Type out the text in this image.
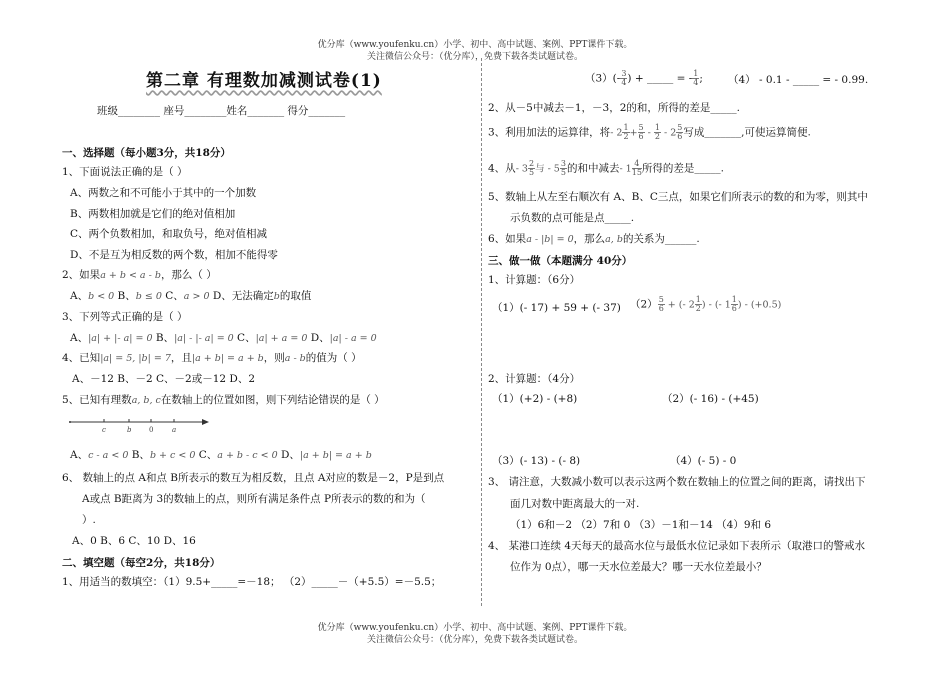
优分库（www.youfenku.cn）小学、初中、高中试题、案例、PPT课件下载。
关注微信公众号：（优分库），免费下载各类试题试卷。
第二章 有理数加减测试卷(1)
班级________ 座号________姓名_______ 得分_______
一、选择题（每小题3分，共18分）
1、下面说法正确的是（ ）
A、两数之和不可能小于其中的一个加数
B、两数相加就是它们的绝对值相加
C、两个负数相加，和取负号，绝对值相减
D、不是互为相反数的两个数，相加不能得零
2、如果a + b < a - b，那么（ ）
A、b < 0 B、b ≤ 0 C、a > 0 D、无法确定b的取值
3、下列等式正确的是（ ）
A、|a| + |- a| = 0 B、|a| - |- a| = 0 C、|a| + a = 0 D、|a| - a = 0
4、已知|a| = 5, |b| = 7，且|a + b| = a + b，则a - b的值为（ ）
A、－12 B、－2 C、－2或－12 D、2
5、已知有理数a, b, c在数轴上的位置如图，则下列结论错误的是（ ）
c	b	0	a
A、c - a < 0 B、b + c < 0 C、a + b - c < 0 D、|a + b| = a + b
6、 数轴上的点 A和点 B所表示的数互为相反数，且点 A对应的数是－2，P是到点
A或点 B距离为 3的数轴上的点，则所有满足条件点 P所表示的数的和为（
）.
A、0 B、6 C、10 D、16
二、填空题（每空2分，共18分）
1、用适当的数填空：（1）9.5+_____=－18； （2）_____－（+5.5）=－5.5；
$(3)(- \frac{3}{4}$ ) + _____ = - $\frac{1}{4}$ ; （4） - 0.1 - _____ = - 0.99.
2、从－5中减去－1，－3，2的和，所得的差是_____.
3、利用加法的运算律，将- $2 \frac{1}{2} + \frac{5}{6} - \frac{1}{2} - 2 \frac{5}{6}$ 写成_______,可使运算简便.
4、从- $3 \frac{2}{5}$ 与 - $5 \frac{3}{5}$ 的和中减去- $1 \frac{4}{15}$ 所得的差是_____.
5、数轴上从左至右顺次有 A、B、C三点，如果它们所表示的数的和为零，则其中
示负数的点可能是点_____.
6、如果a - |b| = 0，那么a, b的关系为______.
三、做一做（本题满分 40分）
1、计算题：（6分）
（1）(- 17) + 59 + (- 37) $(2) \frac{5}{6}$ + (- $2 \frac{1}{2}$ ) - (- $1 \frac{1}{6}$ ) - (+0.5)
2、计算题：（4分）
（1）(+2) - (+8)	（2）(- 16) - (+45)
（3）(- 13) - (- 8)	（4）(- 5) - 0
3、 请注意，大数减小数可以表示这两个数在数轴上的位置之间的距离，请找出下
面几对数中距离最大的一对.
（1）6和－2 （2）7和 0 （3）－1和－14 （4）9和 6
4、 某港口连续 4天每天的最高水位与最低水位记录如下表所示（取港口的警戒水
位作为 0点），哪一天水位差最大？哪一天水位差最小？
优分库（www.youfenku.cn）小学、初中、高中试题、案例、PPT课件下载。
关注微信公众号：（优分库），免费下载各类试题试卷。
